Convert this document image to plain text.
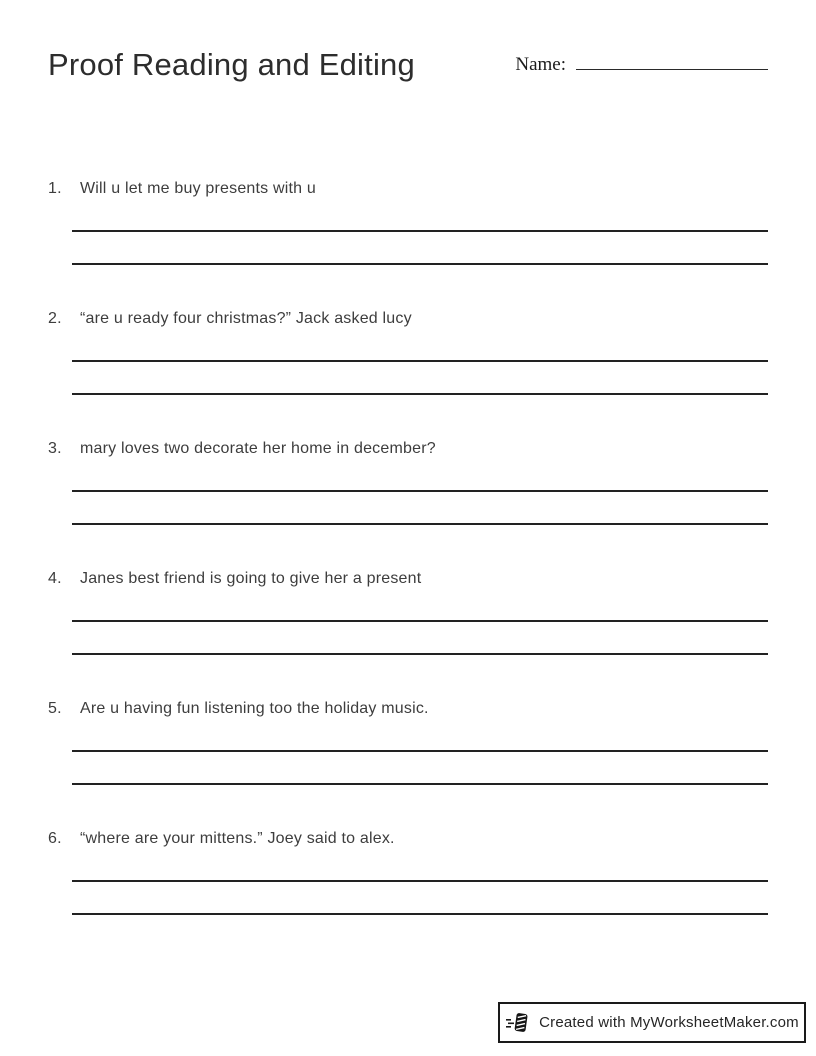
Proof Reading and Editing	Name:
1.	Will u let me buy presents with u
2.	“are u ready four christmas?” Jack asked lucy
3.	mary loves two decorate her home in december?
4.	Janes best friend is going to give her a present
5.	Are u having fun listening too the holiday music.
6.	“where are your mittens.” Joey said to alex.
Created with MyWorksheetMaker.com
